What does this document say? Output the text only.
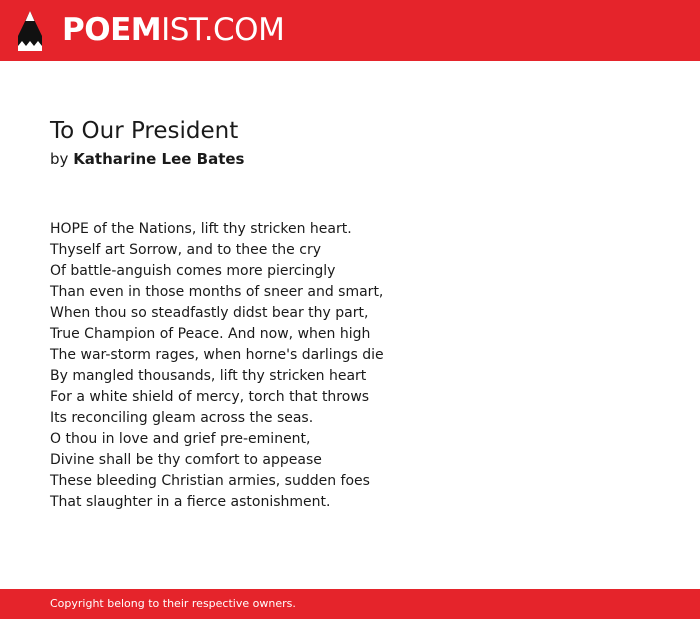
POEMIST.COM
To Our President
by Katharine Lee Bates
HOPE of the Nations, lift thy stricken heart.
Thyself art Sorrow, and to thee the cry
Of battle-anguish comes more piercingly
Than even in those months of sneer and smart,
When thou so steadfastly didst bear thy part,
True Champion of Peace. And now, when high
The war-storm rages, when horne's darlings die
By mangled thousands, lift thy stricken heart
For a white shield of mercy, torch that throws
Its reconciling gleam across the seas.
O thou in love and grief pre-eminent,
Divine shall be thy comfort to appease
These bleeding Christian armies, sudden foes
That slaughter in a fierce astonishment.
Copyright belong to their respective owners.
